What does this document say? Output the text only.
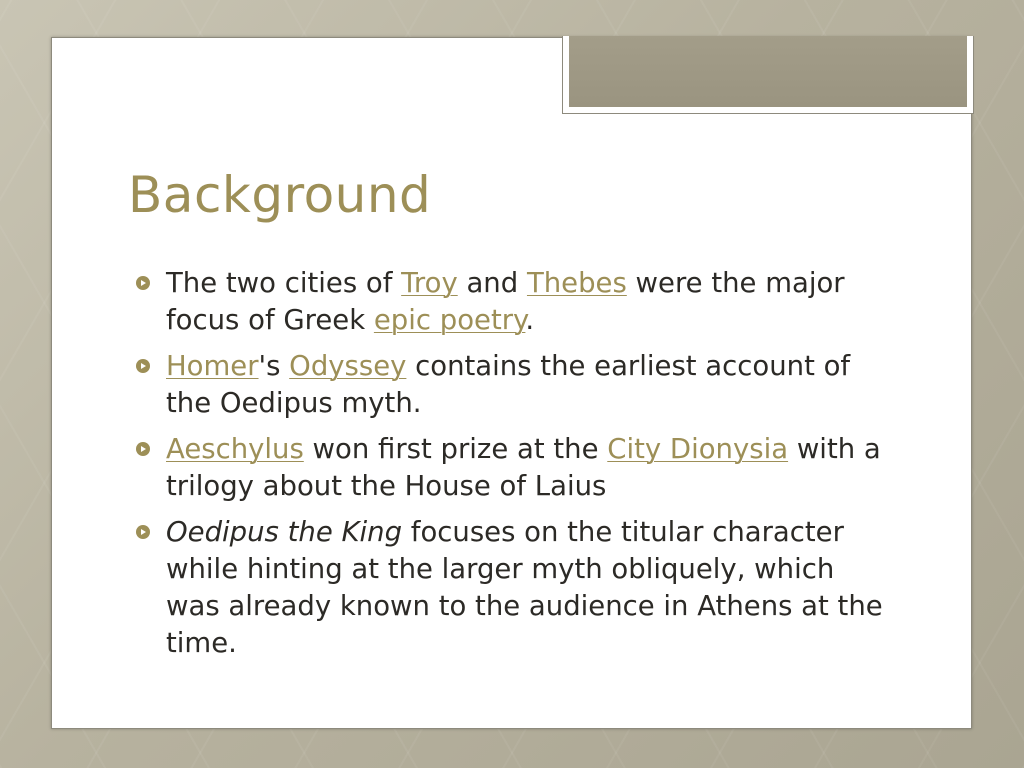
Background
The two cities of Troy and Thebes were the major focus of Greek epic poetry.
Homer's Odyssey contains the earliest account of the Oedipus myth.
Aeschylus won first prize at the City Dionysia with a trilogy about the House of Laius
Oedipus the King focuses on the titular character while hinting at the larger myth obliquely, which was already known to the audience in Athens at the time.
